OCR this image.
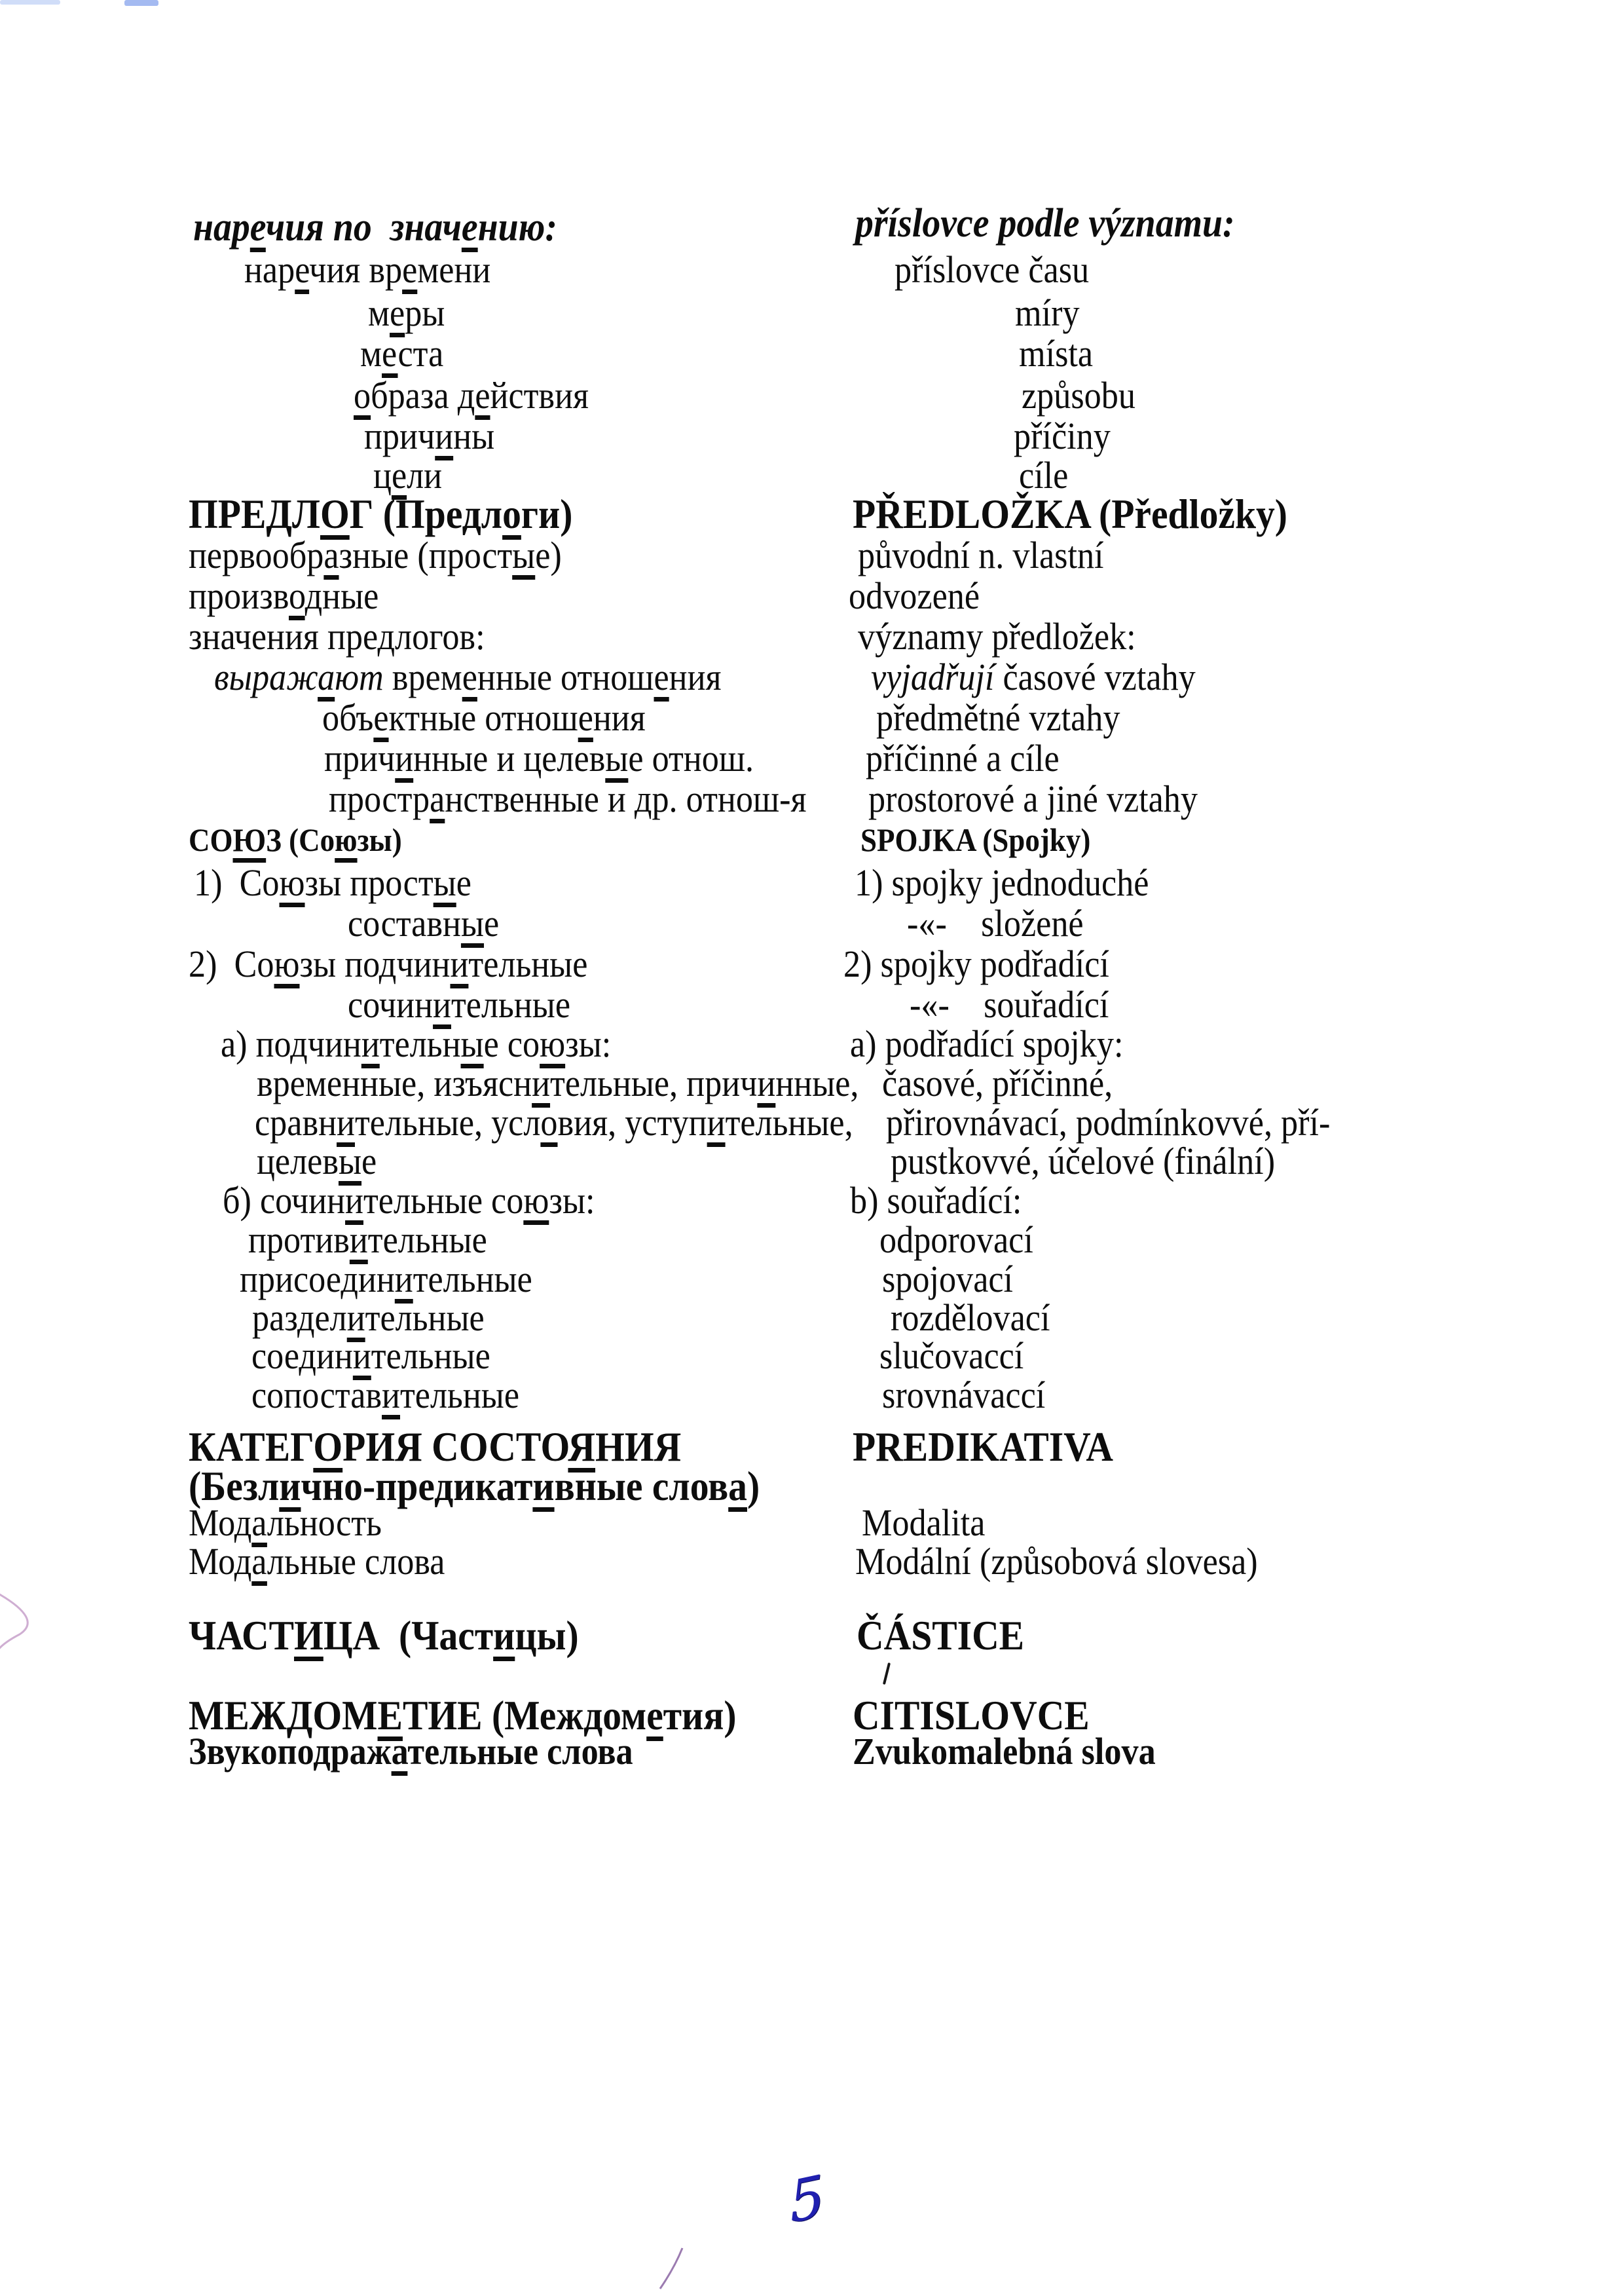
наречия по  значению:
наречия времени
меры
места
образа действия
причины
цели
ПРЕДЛОГ (Предлоги)
первообразные (простые)
производные
значения предлогов:
выражают временные отношения
объектные отношения
причинные и целевые отнош.
пространственные и др. отнош-я
СОЮЗ (Союзы)
1)  Союзы простые
составные
2)  Союзы подчинительные
сочинительные
а) подчинительные союзы:
временные, изъяснительные, причинные,
сравнительные, условия, уступительные,
целевые
б) сочинительные союзы:
противительные
присоединительные
разделительные
соединительные
сопоставительные
КАТЕГОРИЯ СОСТОЯНИЯ
(Безлично-предикативные слова)
Модальность
Модальные слова
ЧАСТИЦА  (Частицы)
МЕЖДОМЕТИЕ (Междометия)
Звукоподражательные слова
příslovce podle významu:
příslovce času
míry
místa
způsobu
příčiny
cíle
PŘEDLOŽKA (Předložky)
původní n. vlastní
odvozené
významy předložek:
vyjadřují časové vztahy
předmětné vztahy
příčinné a cíle
prostorové a jiné vztahy
SPOJKA (Spojky)
1) spojky jednoduché
-«-    složené
2) spojky podřadící
-«-    souřadící
a) podřadící spojky:
časové, příčinné,
přirovnávací, podmínkovvé, pří-
pustkovvé, účelové (finální)
b) souřadící:
odporovací
spojovací
rozdělovací
slučovaccí
srovnávaccí
PREDIKATIVA
Modalita
Modální (způsobová slovesa)
ČÁSTICE
CITISLOVCE
Zvukomalebná slova
5
